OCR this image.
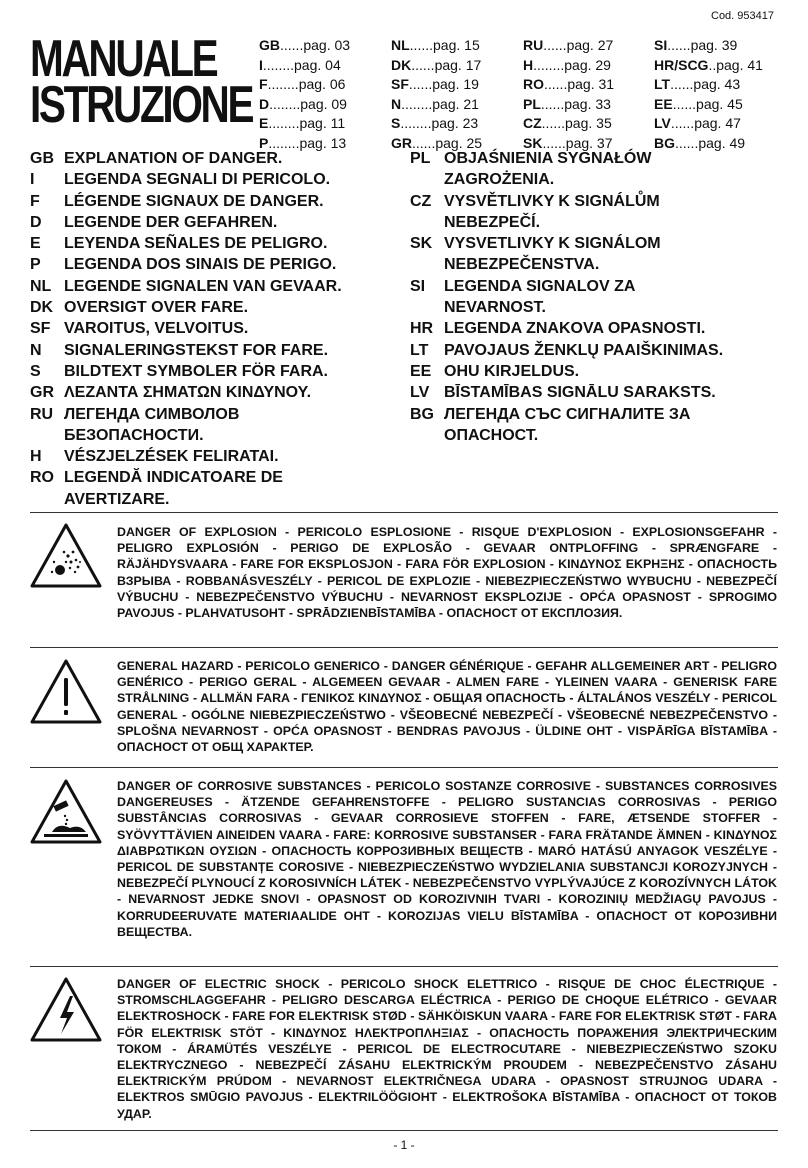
Cod. 953417
MANUALE
ISTRUZIONE
GB......pag. 03
I........pag. 04
F........pag. 06
D........pag. 09
E........pag. 11
P........pag. 13
NL......pag. 15
DK......pag. 17
SF......pag. 19
N........pag. 21
S........pag. 23
GR......pag. 25
RU......pag. 27
H........pag. 29
RO......pag. 31
PL......pag. 33
CZ......pag. 35
SK......pag. 37
SI......pag. 39
HR/SCG..pag. 41
LT......pag. 43
EE......pag. 45
LV......pag. 47
BG......pag. 49
GB EXPLANATION OF DANGER.
I	LEGENDA SEGNALI DI PERICOLO.
F	LÉGENDE SIGNAUX DE DANGER.
D	LEGENDE DER GEFAHREN.
E	LEYENDA SEÑALES DE PELIGRO.
P	LEGENDA DOS SINAIS DE PERIGO.
NL LEGENDE SIGNALEN VAN GEVAAR.
DK OVERSIGT OVER FARE.
SF VAROITUS, VELVOITUS.
N	SIGNALERINGSTEKST FOR FARE.
S	BILDTEXT SYMBOLER FÖR FARA.
GR ΛΕΖΑΝΤΑ ΣΗΜΑΤΩΝ ΚΙΝΔΥΝΟΥ.
RU ЛЕГЕНДА СИМВОЛОВ
БЕЗОПАСНОСТИ.
H	VÉSZJELZÉSEK FELIRATAI.
RO LEGENDĂ INDICATOARE DE
AVERTIZARE.
PL OBJAŚNIENIA SYGNAŁÓW
ZAGROŻENIA.
CZ VYSVĚTLIVKY K SIGNÁLŮM
NEBEZPEČÍ.
SK VYSVETLIVKY K SIGNÁLOM
NEBEZPEČENSTVA.
SI	LEGENDA SIGNALOV ZA
NEVARNOST.
HR LEGENDA ZNAKOVA OPASNOSTI.
LT PAVOJAUS ŽENKLŲ PAAIŠKINIMAS.
EE OHU KIRJELDUS.
LV BĪSTAMĪBAS SIGNĀLU SARAKSTS.
BG ЛЕГЕНДА СЪС СИГНАЛИТЕ ЗА
ОПАСНОСТ.
DANGER OF EXPLOSION - PERICOLO ESPLOSIONE - RISQUE D'EXPLOSION - EXPLOSIONSGEFAHR - PELIGRO EXPLOSIÓN - PERIGO DE EXPLOSÃO - GEVAAR ONTPLOFFING - SPRÆNGFARE - RÄJÄHDYSVAARA - FARE FOR EKSPLOSJON - FARA FÖR EXPLOSION - ΚΙΝΔΥΝΟΣ ΕΚΡΗΞΗΣ - ОПАСНОСТЬ ВЗРЫВА - ROBBANÁSVESZÉLY - PERICOL DE EXPLOZIE - NIEBEZPIECZEŃSTWO WYBUCHU - NEBEZPEČÍ VÝBUCHU - NEBEZPEČENSTVO VÝBUCHU - NEVARNOST EKSPLOZIJE - OPĆA OPASNOST - SPROGIMO PAVOJUS - PLAHVATUSOHT - SPRĀDZIENBĪSTAMĪBA - ОПАСНОСТ ОТ ЕКСПЛОЗИЯ.
GENERAL HAZARD - PERICOLO GENERICO - DANGER GÉNÉRIQUE - GEFAHR ALLGEMEINER ART - PELIGRO GENÉRICO - PERIGO GERAL - ALGEMEEN GEVAAR - ALMEN FARE - YLEINEN VAARA - GENERISK FARE STRÅLNING - ALLMÄN FARA - ΓΕΝΙΚΟΣ ΚΙΝΔΥΝΟΣ - ОБЩАЯ ОПАСНОСТЬ - ÁLTALÁNOS VESZÉLY - PERICOL GENERAL - OGÓLNE NIEBEZPIECZEŃSTWO - VŠEOBECNÉ NEBEZPEČÍ - VŠEOBECNÉ NEBEZPEČENSTVO - SPLOŠNA NEVARNOST - OPĆA OPASNOST - BENDRAS PAVOJUS - ÜLDINE OHT - VISPĀRĪGA BĪSTAMĪBA - ОПАСНОСТ ОТ ОБЩ ХАРАКТЕР.
DANGER OF CORROSIVE SUBSTANCES - PERICOLO SOSTANZE CORROSIVE - SUBSTANCES CORROSIVES DANGEREUSES - ÄTZENDE GEFAHRENSTOFFE - PELIGRO SUSTANCIAS CORROSIVAS - PERIGO SUBSTÂNCIAS CORROSIVAS - GEVAAR CORROSIEVE STOFFEN - FARE, ÆTSENDE STOFFER - SYÖVYTTÄVIEN AINEIDEN VAARA - FARE: KORROSIVE SUBSTANSER - FARA FRÄTANDE ÄMNEN - ΚΙΝΔΥΝΟΣ ΔΙΑΒΡΩΤΙΚΩΝ ΟΥΣΙΩΝ - ОПАСНОСТЬ КОРРОЗИВНЫХ ВЕЩЕСТВ - MARÓ HATÁSÚ ANYAGOK VESZÉLYE - PERICOL DE SUBSTANȚE COROSIVE - NIEBEZPIECZEŃSTWO WYDZIELANIA SUBSTANCJI KOROZYJNYCH - NEBEZPEČÍ PLYNOUCÍ Z KOROSIVNÍCH LÁTEK - NEBEZPEČENSTVO VYPLÝVAJÚCE Z KOROZÍVNYCH LÁTOK - NEVARNOST JEDKE SNOVI - OPASNOST OD KOROZIVNIH TVARI - KOROZINIŲ MEDŽIAGŲ PAVOJUS - KORRUDEERUVATE MATERIAALIDE OHT - KOROZIJAS VIELU BĪSTAMĪBA - ОПАСНОСТ ОТ КОРОЗИВНИ ВЕЩЕСТВА.
DANGER OF ELECTRIC SHOCK - PERICOLO SHOCK ELETTRICO - RISQUE DE CHOC ÉLECTRIQUE - STROMSCHLAGGEFAHR - PELIGRO DESCARGA ELÉCTRICA - PERIGO DE CHOQUE ELÉTRICO - GEVAAR ELEKTROSHOCK - FARE FOR ELEKTRISK STØD - SÄHKÖISKUN VAARA - FARE FOR ELEKTRISK STØT - FARA FÖR ELEKTRISK STÖT - ΚΙΝΔΥΝΟΣ ΗΛΕΚΤΡΟΠΛΗΞΙΑΣ - ОПАСНОСТЬ ПОРАЖЕНИЯ ЭЛЕКТРИЧЕСКИМ ТОКОМ - ÁRAMÜTÉS VESZÉLYE - PERICOL DE ELECTROCUTARE - NIEBEZPIECZEŃSTWO SZOKU ELEKTRYCZNEGO - NEBEZPEČÍ ZÁSAHU ELEKTRICKÝM PROUDEM - NEBEZPEČENSTVO ZÁSAHU ELEKTRICKÝM PRÚDOM - NEVARNOST ELEKTRIČNEGA UDARA - OPASNOST STRUJNOG UDARA - ELEKTROS SMŪGIO PAVOJUS - ELEKTRILÖÖGIOHT - ELEKTROŠOKA BĪSTAMĪBA - ОПАСНОСТ ОТ ТОКОВ УДАР.
- 1 -
